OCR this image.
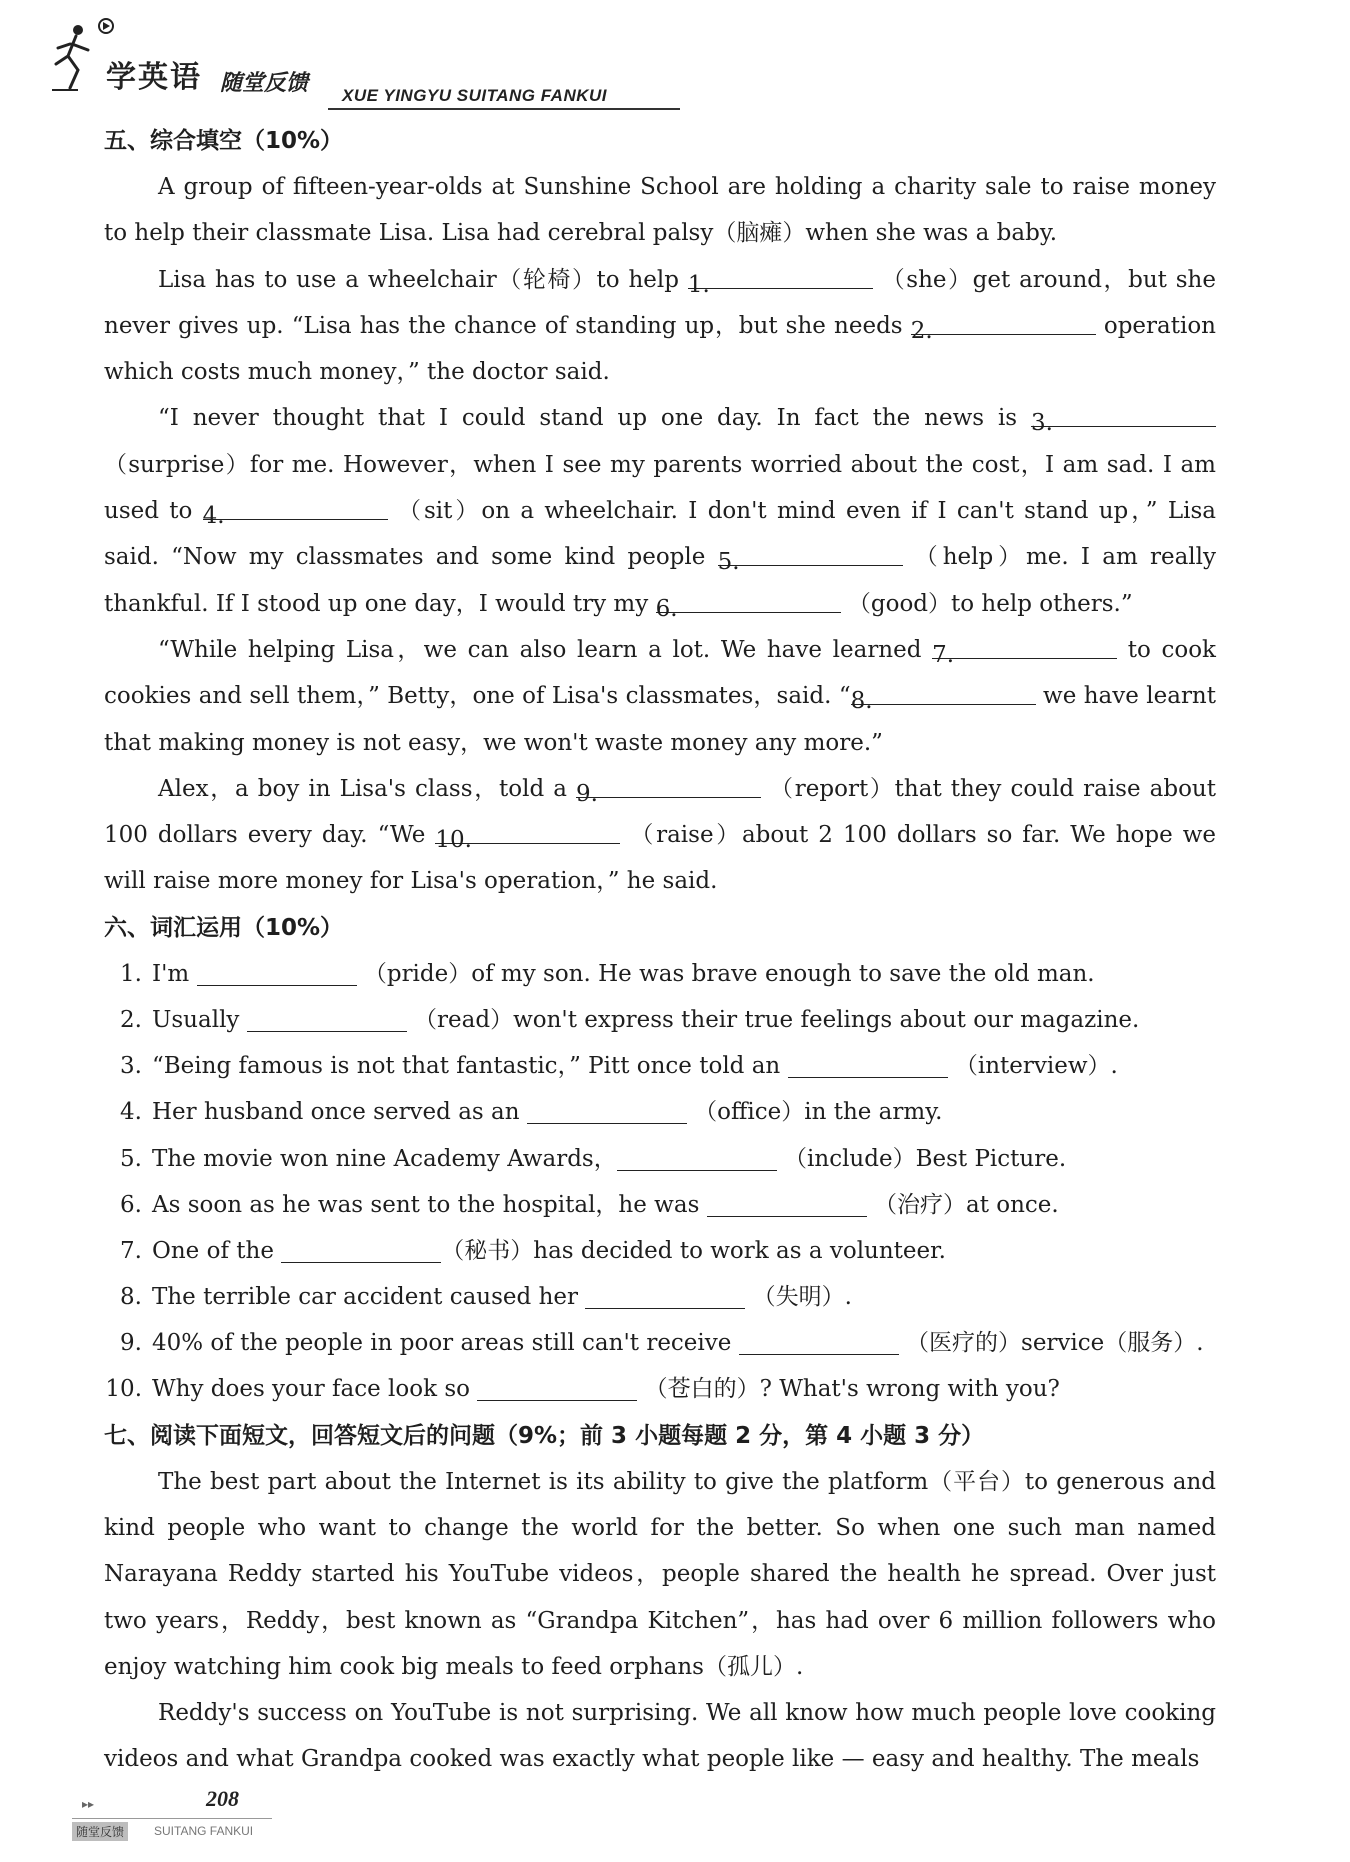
学英语 随堂反馈 XUE YINGYU SUITANG FANKUI
五、综合填空（10%）
A group of fifteen-year-olds at Sunshine School are holding a charity sale to raise money to help their classmate Lisa. Lisa had cerebral palsy（脑瘫）when she was a baby.
Lisa has to use a wheelchair（轮椅）to help 1.	（she）get around，but she never gives up. “Lisa has the chance of standing up，but she needs 2.	operation which costs much money，” the doctor said.
“I never thought that I could stand up one day. In fact the news is 3. （surprise）for me. However，when I see my parents worried about the cost，I am sad. I am used to 4.	（sit）on a wheelchair. I don't mind even if I can't stand up，” Lisa said. “Now my classmates and some kind people 5.	（help）me. I am really thankful. If I stood up one day，I would try my 6.	（good）to help others.”
“While helping Lisa，we can also learn a lot. We have learned 7.	to cook cookies and sell them，” Betty，one of Lisa's classmates，said. “8.	we have learnt that making money is not easy，we won't waste money any more.”
Alex，a boy in Lisa's class，told a 9.	（report）that they could raise about 100 dollars every day. “We 10.	（raise）about 2 100 dollars so far. We hope we will raise more money for Lisa's operation，” he said.
六、词汇运用（10%）
1. I'm	（pride）of my son. He was brave enough to save the old man.
2. Usually	（read）won't express their true feelings about our magazine.
3. “Being famous is not that fantastic，” Pitt once told an	（interview）.
4. Her husband once served as an	（office）in the army.
5. The movie won nine Academy Awards，	（include）Best Picture.
6. As soon as he was sent to the hospital，he was	（治疗）at once.
7. One of the	（秘书）has decided to work as a volunteer.
8. The terrible car accident caused her	（失明）.
9. 40% of the people in poor areas still can't receive	（医疗的）service（服务）.
10. Why does your face look so	（苍白的）? What's wrong with you?
七、阅读下面短文，回答短文后的问题（9%；前 3 小题每题 2 分，第 4 小题 3 分）
The best part about the Internet is its ability to give the platform（平台）to generous and kind people who want to change the world for the better. So when one such man named Narayana Reddy started his YouTube videos，people shared the health he spread. Over just two years，Reddy，best known as “Grandpa Kitchen”，has had over 6 million followers who enjoy watching him cook big meals to feed orphans（孤儿）.
Reddy's success on YouTube is not surprising. We all know how much people love cooking videos and what Grandpa cooked was exactly what people like — easy and healthy. The meals
▸▸	208
随堂反馈	SUITANG FANKUI
